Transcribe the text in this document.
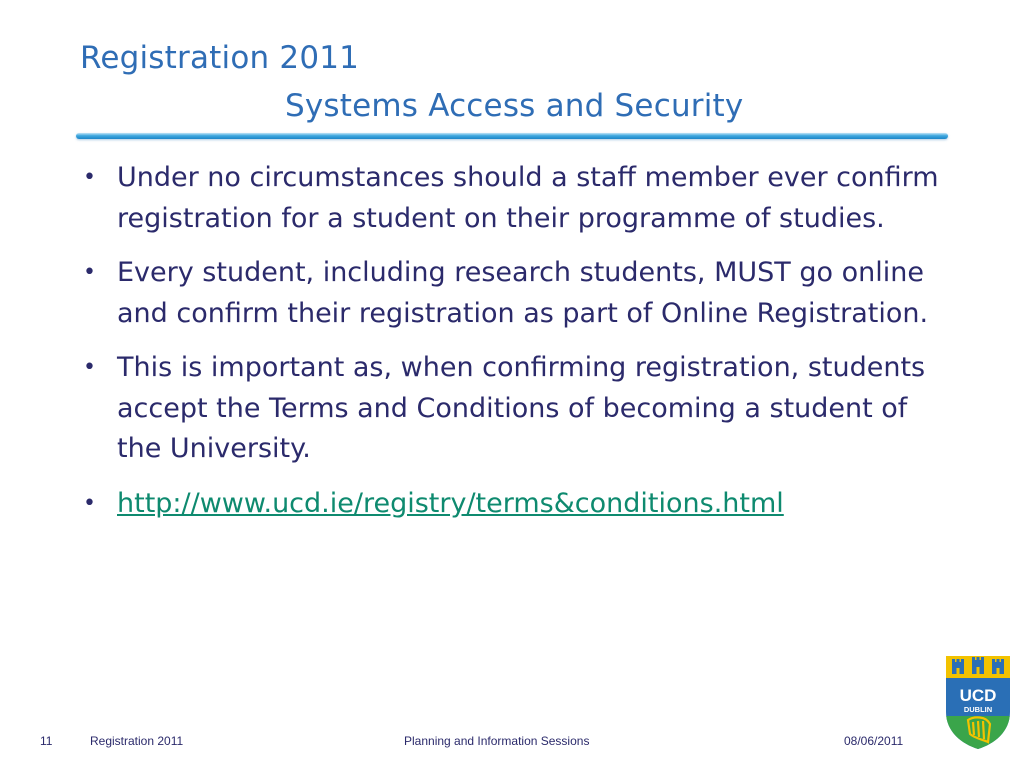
Registration 2011
Systems Access and Security
• Under no circumstances should a staff member ever confirm registration for a student on their programme of studies.
• Every student, including research students, MUST go online and confirm their registration as part of Online Registration.
• This is important as, when confirming registration, students accept the Terms and Conditions of becoming a student of the University.
• http://www.ucd.ie/registry/terms&conditions.html
UCD
DUBLIN
11	Registration 2011	Planning and Information Sessions	08/06/2011
